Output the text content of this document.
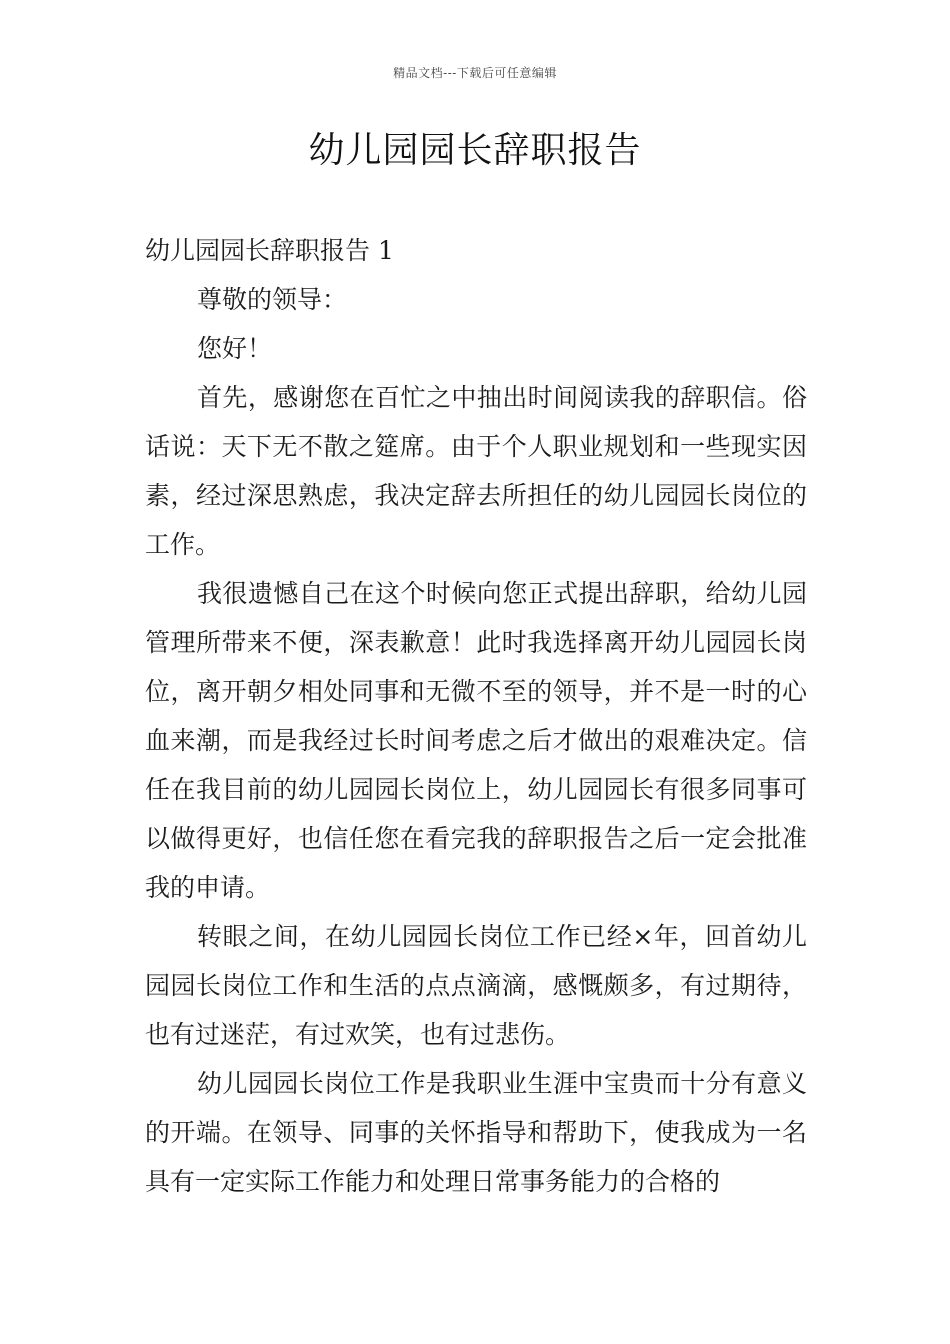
精品文档---下载后可任意编辑
幼儿园园长辞职报告

幼儿园园长辞职报告 1

尊敬的领导：

您好！

首先，感谢您在百忙之中抽出时间阅读我的辞职信。俗话说：天下无不散之筵席。由于个人职业规划和一些现实因素，经过深思熟虑，我决定辞去所担任的幼儿园园长岗位的工作。

我很遗憾自己在这个时候向您正式提出辞职，给幼儿园管理所带来不便，深表歉意！此时我选择离开幼儿园园长岗位，离开朝夕相处同事和无微不至的领导，并不是一时的心血来潮，而是我经过长时间考虑之后才做出的艰难决定。信任在我目前的幼儿园园长岗位上，幼儿园园长有很多同事可以做得更好，也信任您在看完我的辞职报告之后一定会批准我的申请。

转眼之间，在幼儿园园长岗位工作已经×年，回首幼儿园园长岗位工作和生活的点点滴滴，感慨颇多，有过期待，也有过迷茫，有过欢笑，也有过悲伤。

幼儿园园长岗位工作是我职业生涯中宝贵而十分有意义的开端。在领导、同事的关怀指导和帮助下，使我成为一名具有一定实际工作能力和处理日常事务能力的合格的
